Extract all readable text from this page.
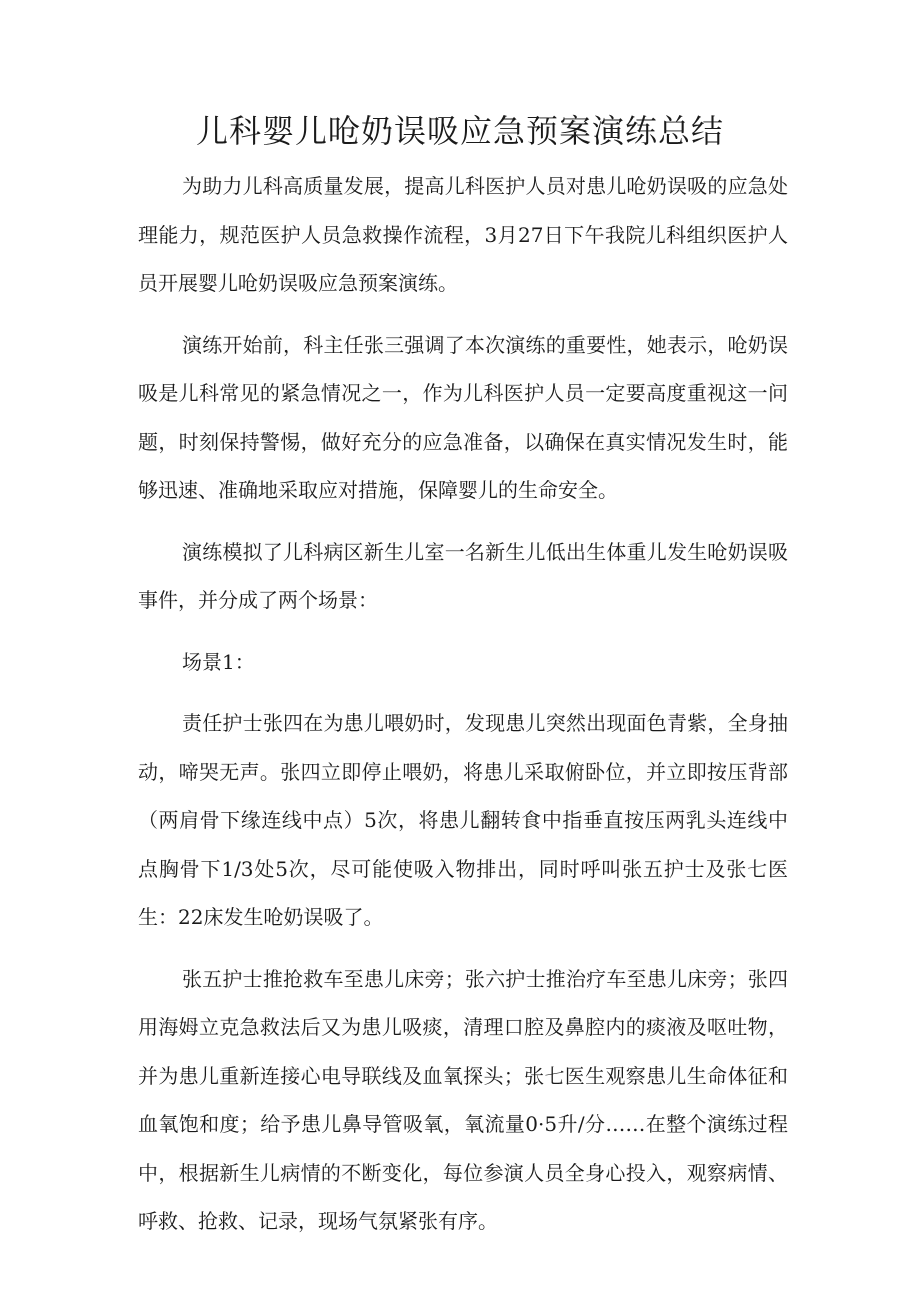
儿科婴儿呛奶误吸应急预案演练总结

为助力儿科高质量发展，提高儿科医护人员对患儿呛奶误吸的应急处理能力，规范医护人员急救操作流程，3月27日下午我院儿科组织医护人员开展婴儿呛奶误吸应急预案演练。

演练开始前，科主任张三强调了本次演练的重要性，她表示，呛奶误吸是儿科常见的紧急情况之一，作为儿科医护人员一定要高度重视这一问题，时刻保持警惕，做好充分的应急准备，以确保在真实情况发生时，能够迅速、准确地采取应对措施，保障婴儿的生命安全。

演练模拟了儿科病区新生儿室一名新生儿低出生体重儿发生呛奶误吸事件，并分成了两个场景：

场景1：

责任护士张四在为患儿喂奶时，发现患儿突然出现面色青紫，全身抽动，啼哭无声。张四立即停止喂奶，将患儿采取俯卧位，并立即按压背部（两肩骨下缘连线中点）5次，将患儿翻转食中指垂直按压两乳头连线中点胸骨下1/3处5次，尽可能使吸入物排出，同时呼叫张五护士及张七医生：22床发生呛奶误吸了。

张五护士推抢救车至患儿床旁；张六护士推治疗车至患儿床旁；张四用海姆立克急救法后又为患儿吸痰，清理口腔及鼻腔内的痰液及呕吐物，并为患儿重新连接心电导联线及血氧探头；张七医生观察患儿生命体征和血氧饱和度；给予患儿鼻导管吸氧，氧流量0·5升/分……在整个演练过程中，根据新生儿病情的不断变化，每位参演人员全身心投入，观察病情、呼救、抢救、记录，现场气氛紧张有序。
